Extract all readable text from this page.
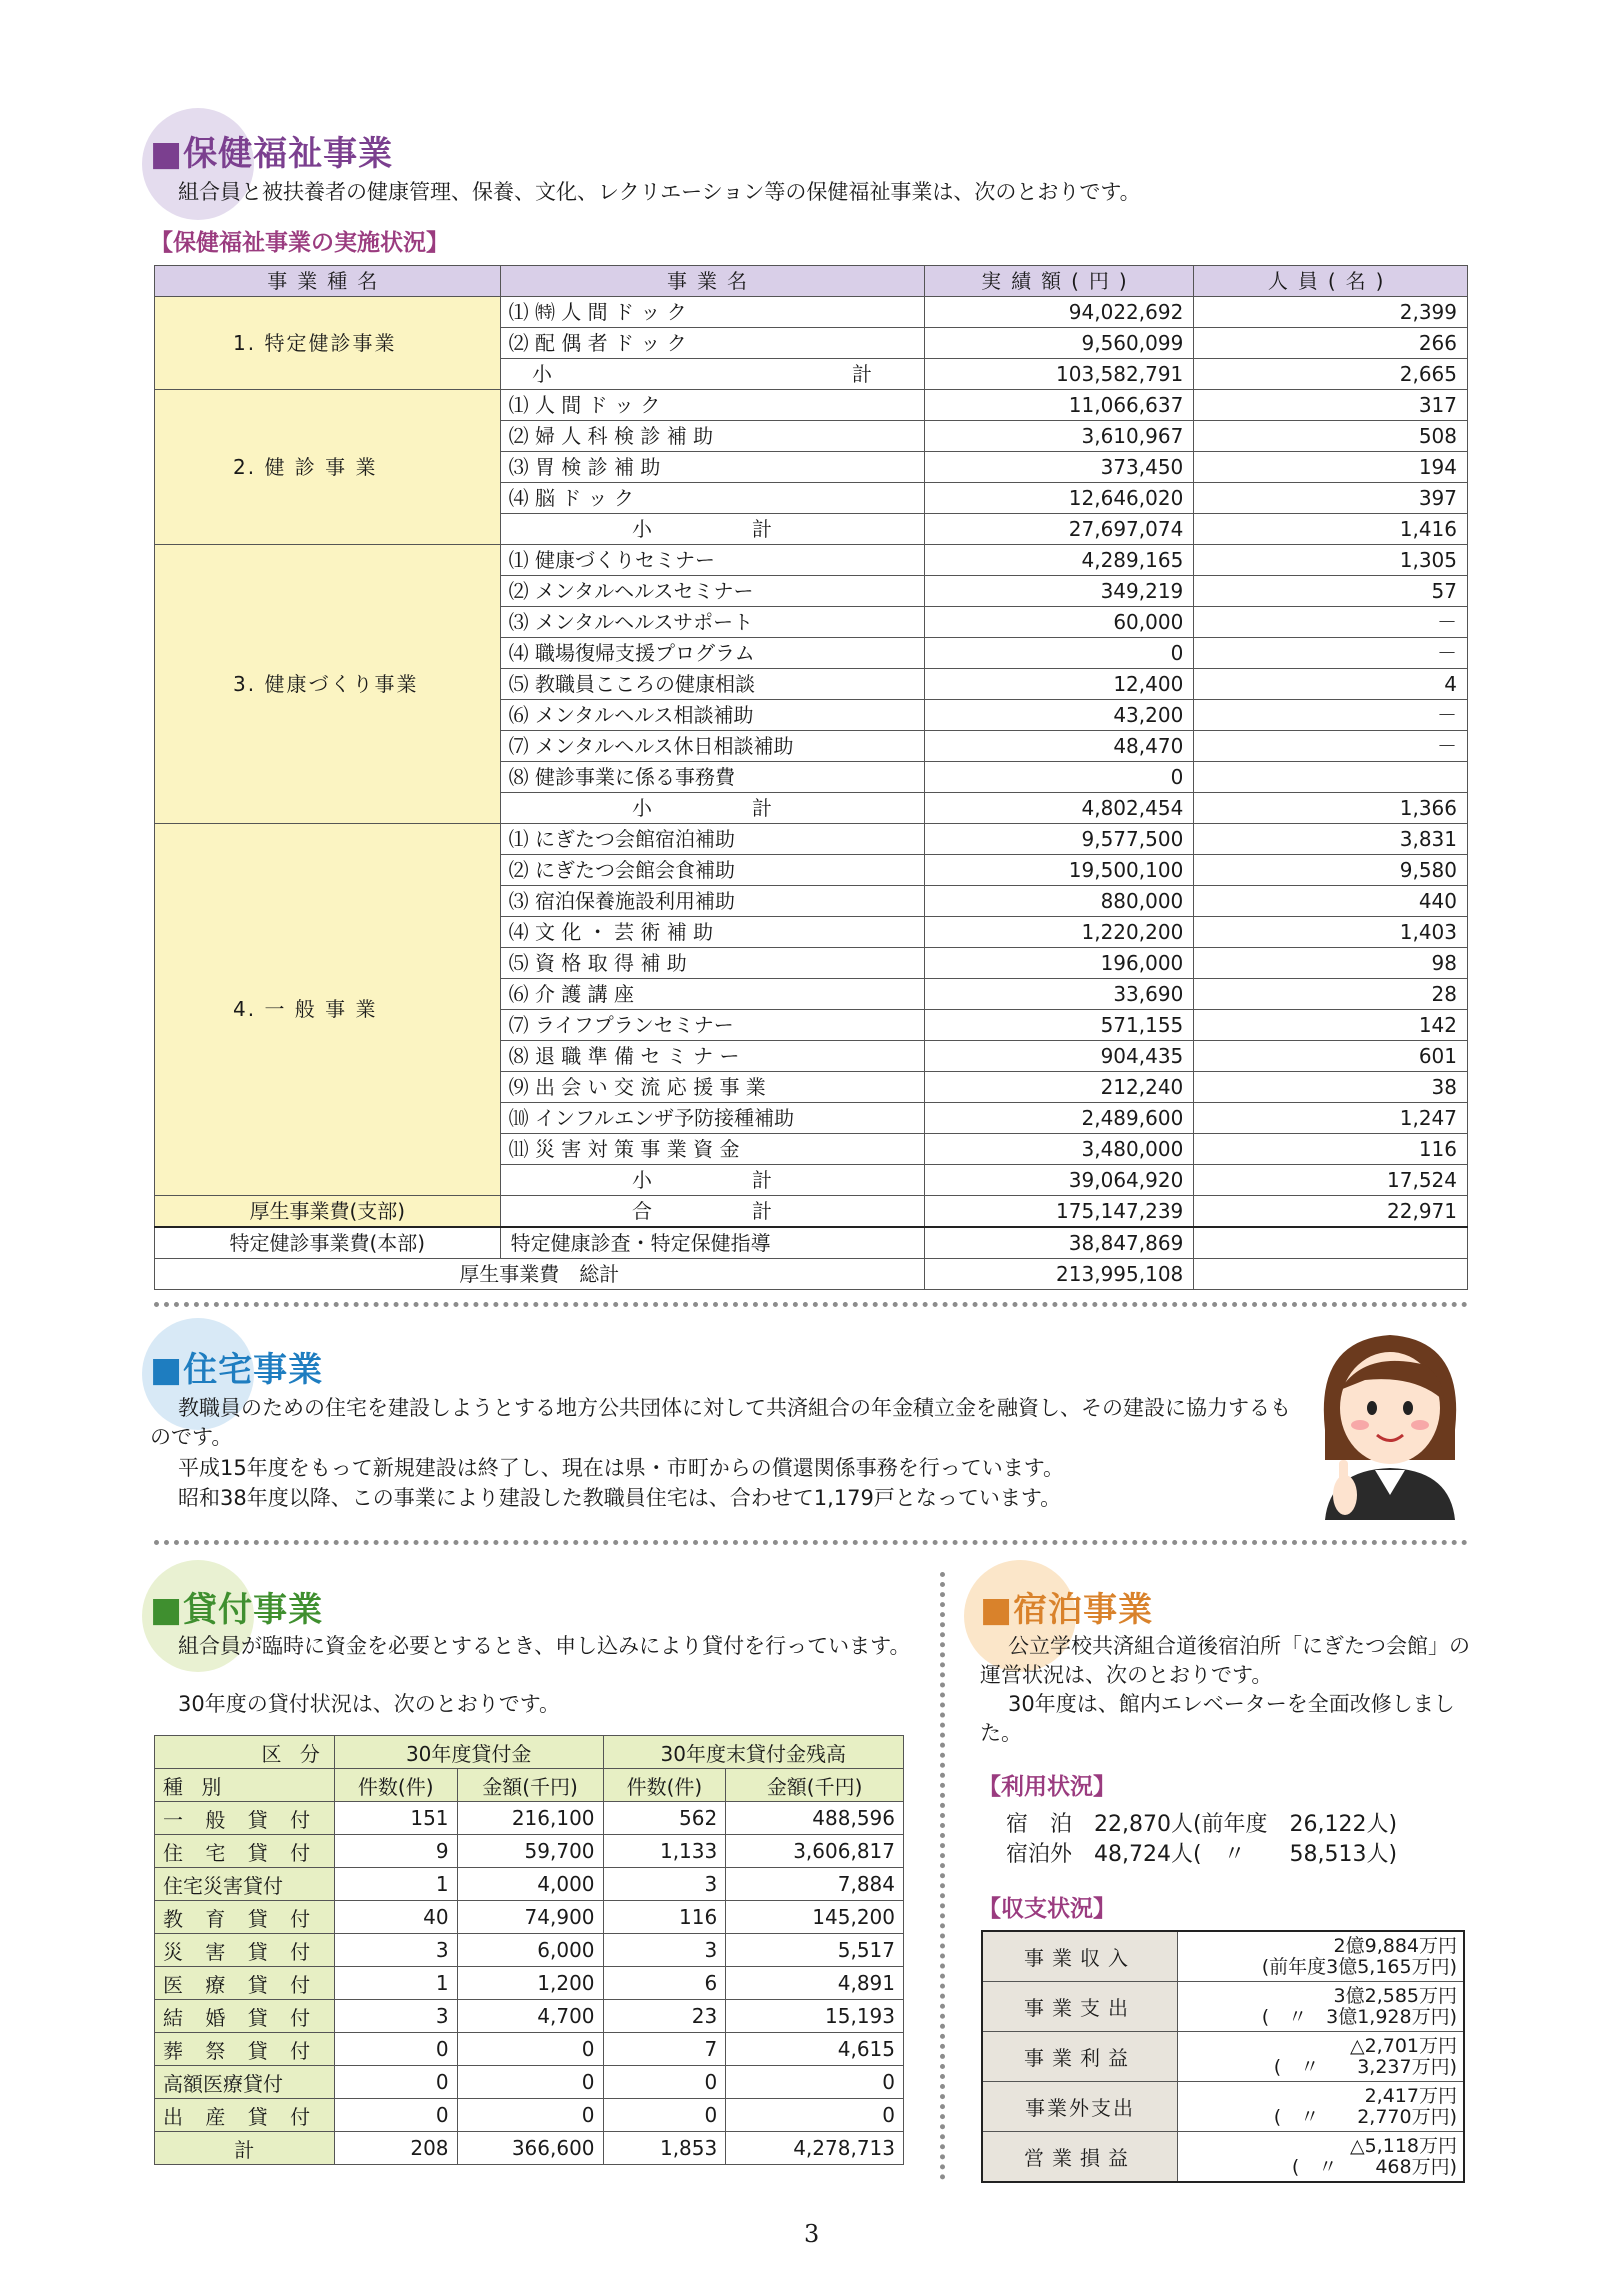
■保健福祉事業
組合員と被扶養者の健康管理、保養、文化、レクリエーション等の保健福祉事業は、次のとおりです。
【保健福祉事業の実施状況】
事業種名	事業名	実績額(円)	人員(名)
1. 特定健診事業	⑴ ㈵ 人 間 ド ッ ク	94,022,692	2,399
	⑵ 配 偶 者 ド ッ ク	9,560,099	266
	小　　　　　　　計	103,582,791	2,665
2. 健 診 事 業	⑴ 人 間 ド ッ ク	11,066,637	317
	⑵ 婦 人 科 検 診 補 助	3,610,967	508
	⑶ 胃 検 診 補 助	373,450	194
	⑷ 脳 ド ッ ク	12,646,020	397
	小　　計	27,697,074	1,416
3. 健康づくり事業	⑴ 健康づくりセミナー	4,289,165	1,305
	⑵ メンタルヘルスセミナー	349,219	57
	⑶ メンタルヘルスサポート	60,000	－
	⑷ 職場復帰支援プログラム	0	－
	⑸ 教職員こころの健康相談	12,400	4
	⑹ メンタルヘルス相談補助	43,200	－
	⑺ メンタルヘルス休日相談補助	48,470	－
	⑻ 健診事業に係る事務費	0	
	小　　計	4,802,454	1,366
4. 一 般 事 業	⑴ にぎたつ会館宿泊補助	9,577,500	3,831
	⑵ にぎたつ会館会食補助	19,500,100	9,580
	⑶ 宿泊保養施設利用補助	880,000	440
	⑷ 文 化 ・ 芸 術 補 助	1,220,200	1,403
	⑸ 資 格 取 得 補 助	196,000	98
	⑹ 介 護 講 座	33,690	28
	⑺ ライフプランセミナー	571,155	142
	⑻ 退 職 準 備 セ ミ ナ ー	904,435	601
	⑼ 出 会 い 交 流 応 援 事 業	212,240	38
	⑽ インフルエンザ予防接種補助	2,489,600	1,247
	⑾ 災 害 対 策 事 業 資 金	3,480,000	116
	小　　計	39,064,920	17,524
厚生事業費(支部)	合　　計	175,147,239	22,971
特定健診事業費(本部)	特定健康診査・特定保健指導	38,847,869	
厚生事業費　総計		213,995,108	
■住宅事業
教職員のための住宅を建設しようとする地方公共団体に対して共済組合の年金積立金を融資し、その建設に協力するものです。
平成15年度をもって新規建設は終了し、現在は県・市町からの償還関係事務を行っています。
昭和38年度以降、この事業により建設した教職員住宅は、合わせて1,179戸となっています。
■貸付事業
組合員が臨時に資金を必要とするとき、申し込みにより貸付を行っています。
30年度の貸付状況は、次のとおりです。
区 分	30年度貸付金		30年度末貸付金残高	
種 別	件数(件)	金額(千円)	件数(件)	金額(千円)
一 般 貸 付	151	216,100	562	488,596
住 宅 貸 付	9	59,700	1,133	3,606,817
住宅災害貸付	1	4,000	3	7,884
教 育 貸 付	40	74,900	116	145,200
災 害 貸 付	3	6,000	3	5,517
医 療 貸 付	1	1,200	6	4,891
結 婚 貸 付	3	4,700	23	15,193
葬 祭 貸 付	0	0	7	4,615
高額医療貸付	0	0	0	0
出 産 貸 付	0	0	0	0
計	208	366,600	1,853	4,278,713
■宿泊事業
公立学校共済組合道後宿泊所「にぎたつ会館」の運営状況は、次のとおりです。
30年度は、館内エレベーターを全面改修しました。
【利用状況】
宿　泊　22,870人(前年度　26,122人)
宿泊外　48,724人(　〃　　58,513人)
【収支状況】
事業収入	2億9,884万円
(前年度3億5,165万円)

事業支出	3億2,585万円
(　〃　3億1,928万円)

事業利益	△2,701万円
(　〃　　3,237万円)

事業外支出	2,417万円
(　〃　　2,770万円)

営業損益	△5,118万円
(　〃　　468万円)
3
